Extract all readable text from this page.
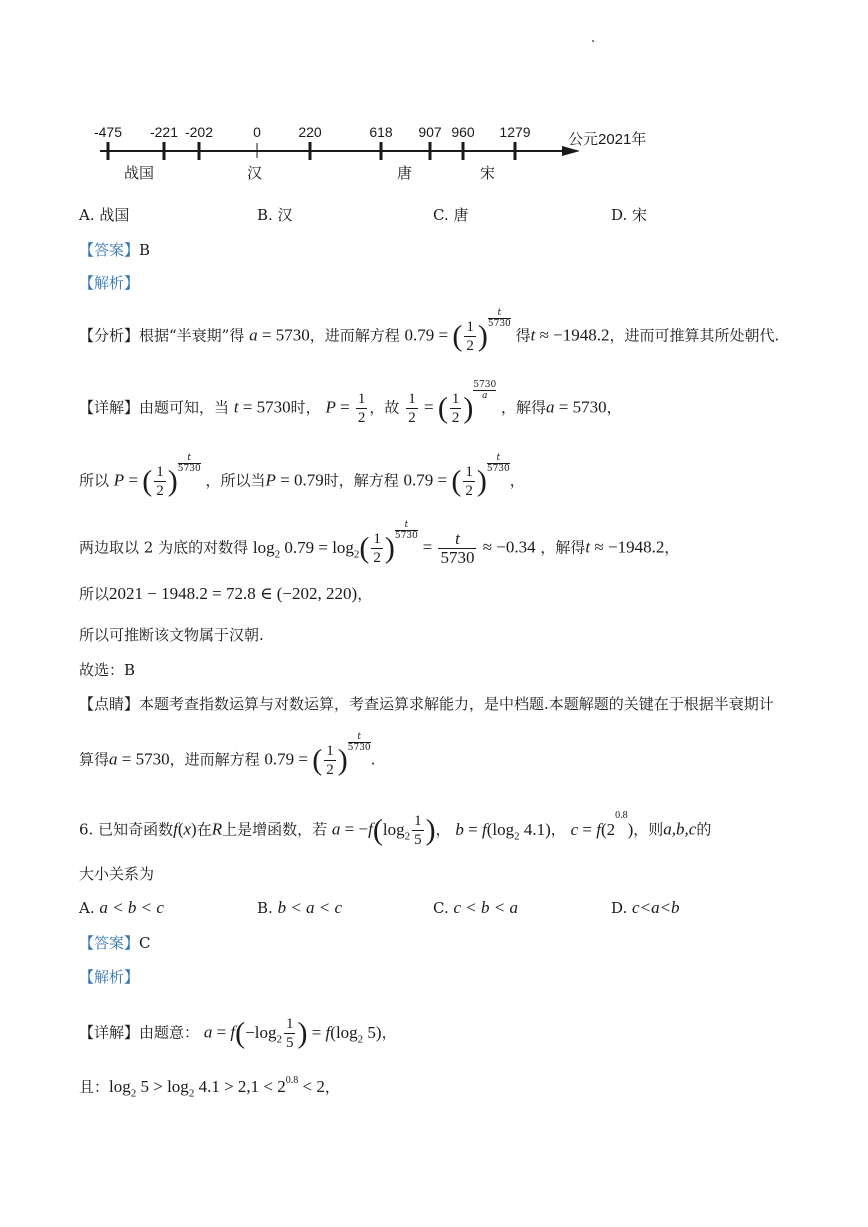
-475 -221 -202	0	220	618 907 960 1279 公元2021年
战国	汉	唐	宋
A. 战国	B. 汉	C. 唐	D. 宋
【答案】B
【解析】
【分析】根据“半衰期”得 a = 5730，进而解方程 0.79 = ( $\frac{1}{2}$ )
$\frac{t}{5730}$
得t ≈ −1948.2，进而可推算其所处朝代.
【详解】由题可知，当 t = 5730时， $P = \frac{1}{2}$ ，故 $\frac{1}{2}$ = ( $\frac{1}{2}$ )
$\frac{5730}{a}$
，解得a = 5730，
所以 P = ( $\frac{1}{2}$ )
$\frac{t}{5730}$
，所以当P = 0.79时，解方程 0.79 = ( $\frac{1}{2}$ )
$\frac{t}{5730}$
，
两边取以 2 为底的对数得 $\log_2 0.79 = \log_2( \frac{1}{2}$ )
$\frac{t}{5730}$
= $\frac{t}{5730} \approx -0.34$ ，解得t ≈ −1948.2，
所以2021 − 1948.2 = 72.8 ∈ (−202, 220)，
所以可推断该文物属于汉朝.
故选：B
【点睛】本题考查指数运算与对数运算，考查运算求解能力，是中档题.本题解题的关键在于根据半衰期计
算得a = 5730，进而解方程 0.79 = ( $\frac{1}{2}$ )
$\frac{t}{5730}$
.
6. 已知奇函数f(x)在R上是增函数，若 $a = -f(\log_2 \frac{1}{5}$ )， $b = f(\log_2$ 4.1)， $c = f(2^{0.8})$，则a,b,c的
大小关系为
A. a < b < c	B. b < a < c	C. c < b < a	D. c<a<b
【答案】C
【解析】
【详解】由题意： $a = f(-\log_2 \frac{1}{5}$ ) = $f(\log_2$ 5)，
且：$\log_2 5 > \log_2 4.1 > 2,1 < 2^{0.8} < 2$，
